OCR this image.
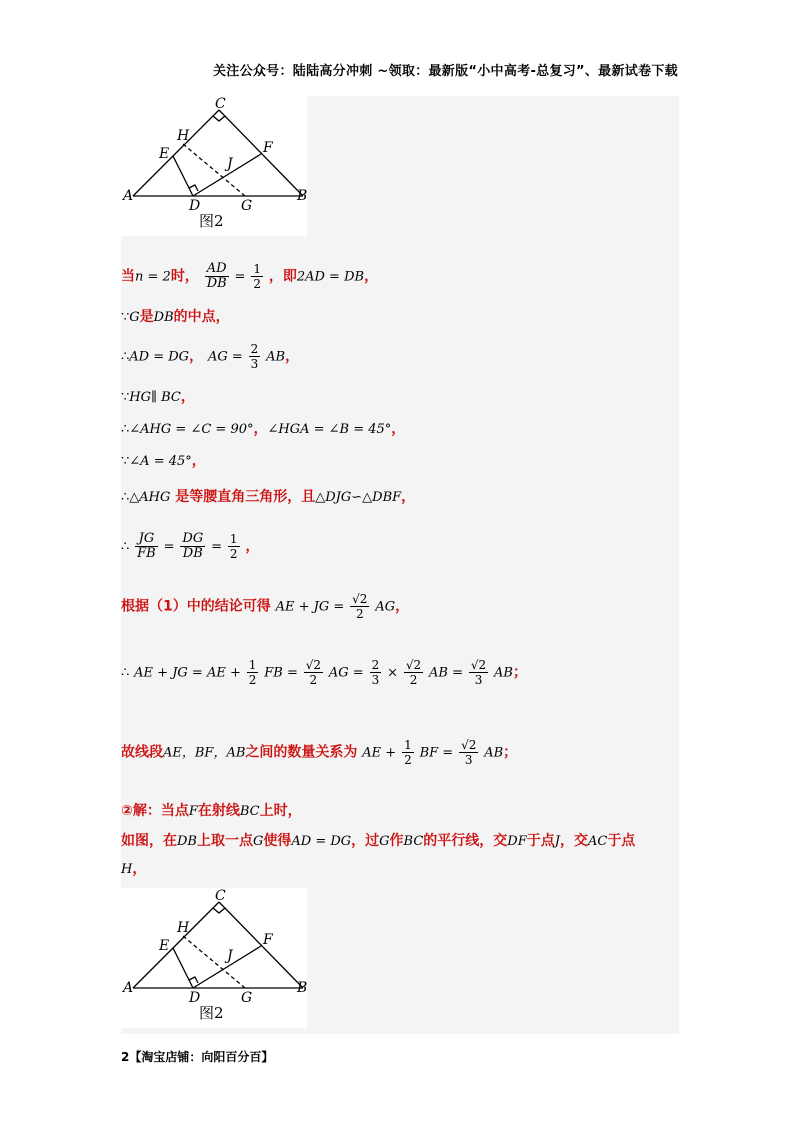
关注公众号：陆陆高分冲刺 ~领取：最新版“小中高考-总复习”、最新试卷下载
C
H
E	F
J
A
D	G
B
图2
当n = 2时， $\frac{AD}{DB} = \frac{1}{2}$ ，即2AD = DB，
∵G是DB的中点，
∴AD = DG， AG = $\frac{2}{3}$ AB，
∵HG∥ BC，
∴∠AHG = ∠C = 90°，∠HGA = ∠B = 45°，
∵∠A = 45°，
∴△AHG 是等腰直角三角形，且△DJG∽△DBF，
∴ $\frac{JG}{FB} = \frac{DG}{DB} = \frac{1}{2}$ ，
根据（1）中的结论可得 AE + JG = $\frac{√2}{2}$ AG，
∴ AE + JG = AE + $\frac{1}{2}$ FB = $\frac{√2}{2}$ AG = $\frac{2}{3} \times \frac{√2}{2}$ AB = $\frac{√2}{3}$ AB；
故线段AE，BF，AB之间的数量关系为 AE + $\frac{1}{2}$ BF = $\frac{√2}{3}$ AB；
②解：当点F在射线BC上时，
如图，在DB上取一点G使得AD = DG，过G作BC的平行线，交DF于点J，交AC于点
H，
C
H
E	F
J
A
D	G
B
图2
2【淘宝店铺：向阳百分百】
